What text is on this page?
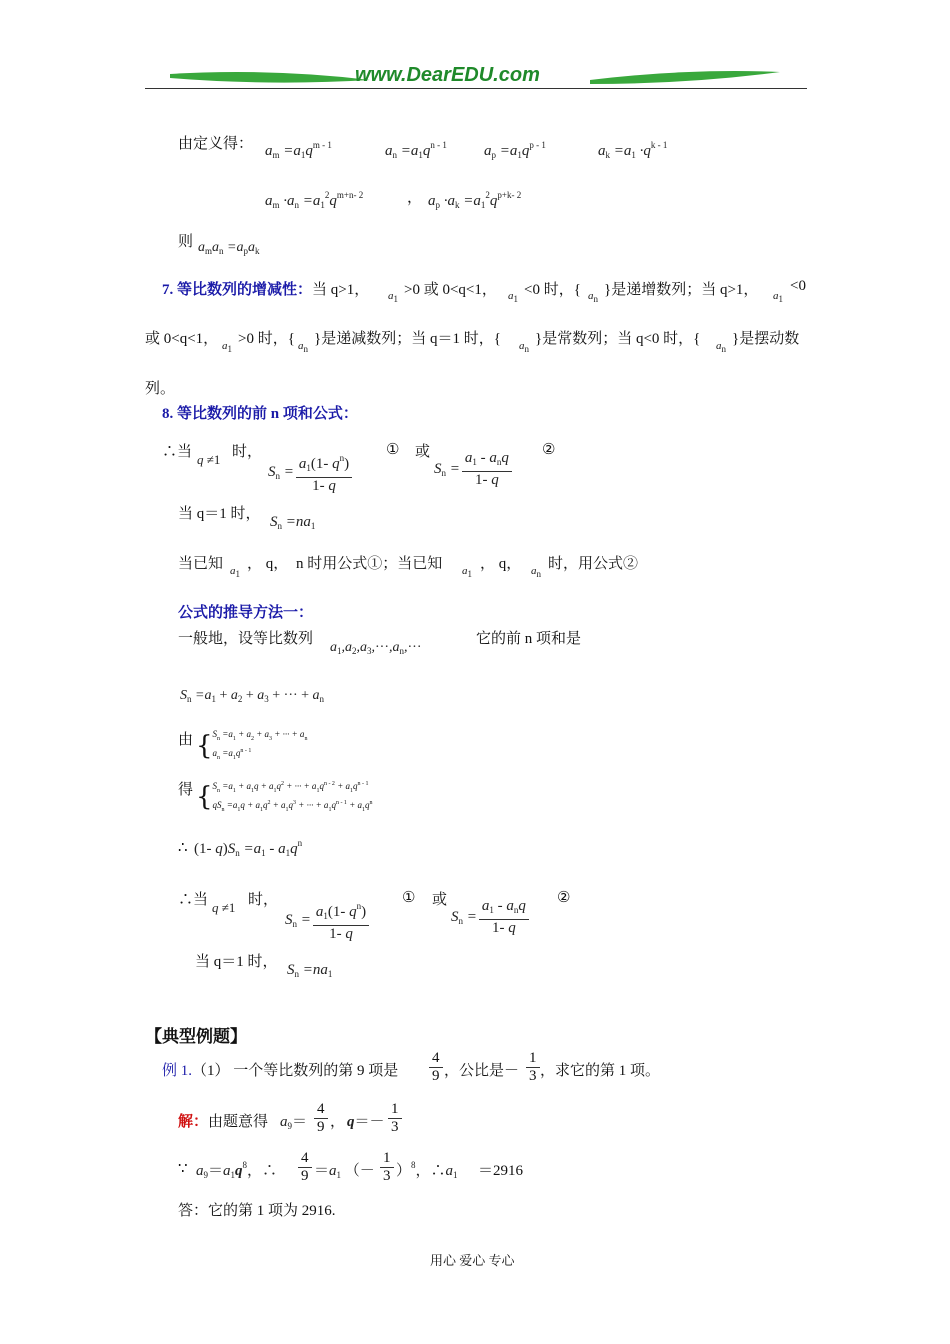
www.DearEDU.com
由定义得： $a_m =a_1q^{m - 1}$	$a_n =a_1q^{n - 1}$ $a_p =a_1q^{p - 1}$	$a_k =a_1 \cdot q^{k - 1}$
$a_m \cdot a_n =a_1^2q^{m+n- 2}$	， $a_p \cdot a_k =a_1^2q^{p+k- 2}$
则 $a_ma_n =a_pa_k$
7. 等比数列的增减性：当 q>1， $a_1$
>0 或 0<q<1， $a_1$
<0 时，{ $a_n$
}是递增数列；当 q>1， $a_1$
<0
或 0<q<1， $a_1$
>0 时，{ $a_n$
}是递减数列；当 q＝1 时，{ $a_n$
}是常数列；当 q<0 时，{ $a_n$
}是摆动数
列。
8. 等比数列的前 n 项和公式：
∴当 q ≠1 时，
$S_n = \frac{a_1(1- q^n)}{1- q}$ ① 或
$S_n = \frac{a_1 - a_nq}{1- q}$ ②
当 q＝1 时， $S_n =na_1$
当已知 $a_1$
， q， n 时用公式①；当已知 $a_1$
， q， $a_n$
时，用公式②
公式的推导方法一：
一般地，设等比数列
$a_1,a_2,a_3,\cdot\cdot\cdot,a_n,\cdot\cdot\cdot$
它的前 n 项和是
$S_n =a_1 + a_2 + a_3$ + ··· + $a_n$
由 {$S_n =a_1 + a_2 + a_3$ + ··· + $a_n$
$a_n =a_1q^{n - 1}$
得 {$S_n =a_1 + a_1q + a_1q^2$ + ··· + $a_1q^{n - 2} + a_1q^{n - 1}$
$qS_n =a_1q + a_1q^2 + a_1q^3$ + ··· + $a_1q^{n - 1} + a_1q^n$
∴ (1- $q)S_n =a_1 - a_1q^n$
∴当 q ≠1 时，
$S_n = \frac{a_1(1- q^n)}{1- q}$ ① 或
$S_n = \frac{a_1 - a_nq}{1- q}$ ②
当 q＝1 时， $S_n =na_1$
【典型例题】
例 1.（1） 一个等比数列的第 9 项是 $\frac{4}{9}$ ，公比是－ $\frac{1}{3}$ ，求它的第 1 项。
解：由题意得 $a_9= \frac{4}{9}$ ， $q=- \frac{1}{3}$
∵ $a_9=a_1q^8$，∴ $\frac{4}{9} =a_1$ （－ $\frac{1}{3} )^8$，$\therefore a_1 =2916$
答：它的第 1 项为 2916.
用心 爱心 专心
